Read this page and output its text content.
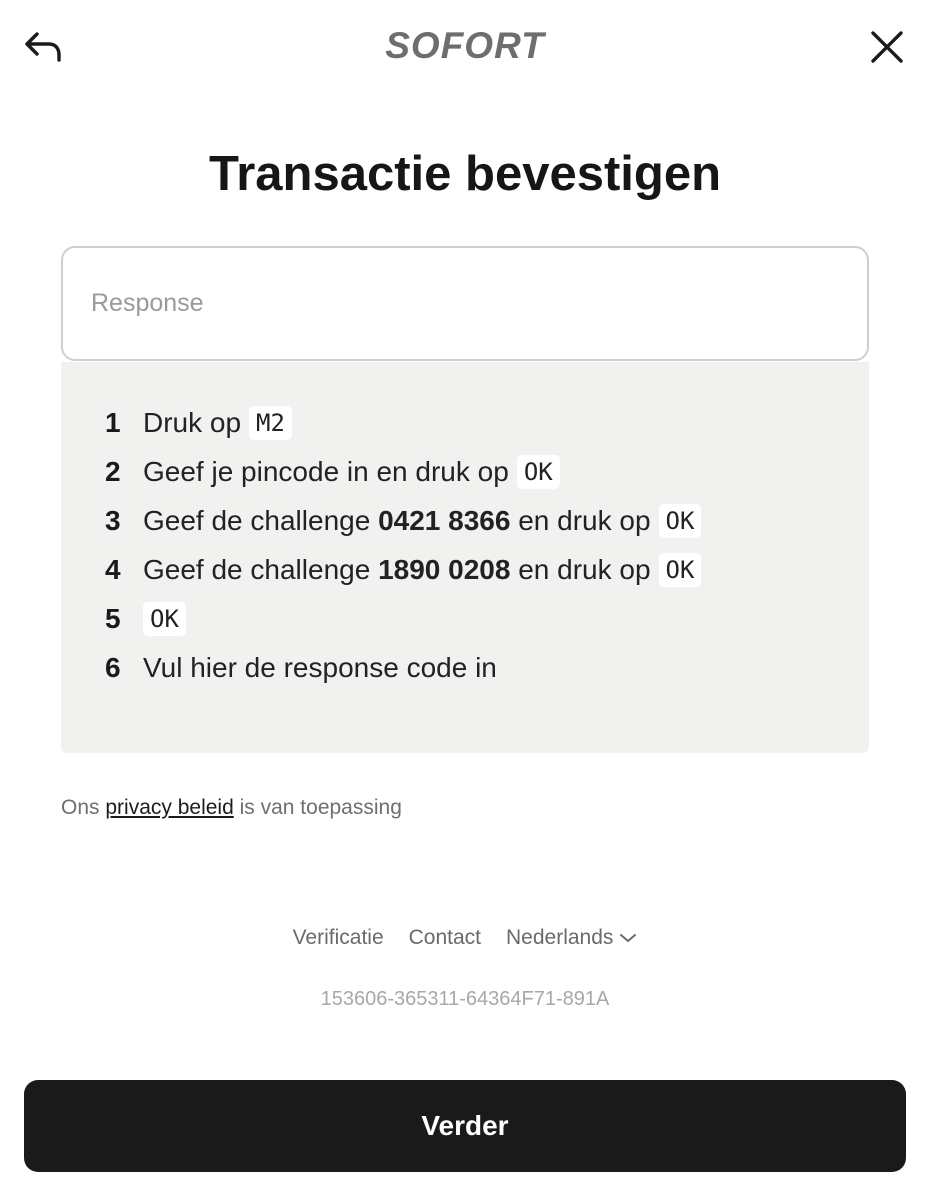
SOFORT
Transactie bevestigen
Response
1 Druk op M2
2 Geef je pincode in en druk op OK
3 Geef de challenge
0421 8366
en druk op OK
4 Geef de challenge
1890 0208
en druk op OK
5	OK
6 Vul hier de response code in
Ons privacy beleid is van toepassing
Verificatie Contact Nederlands
153606-365311-64364F71-891A
Verder
